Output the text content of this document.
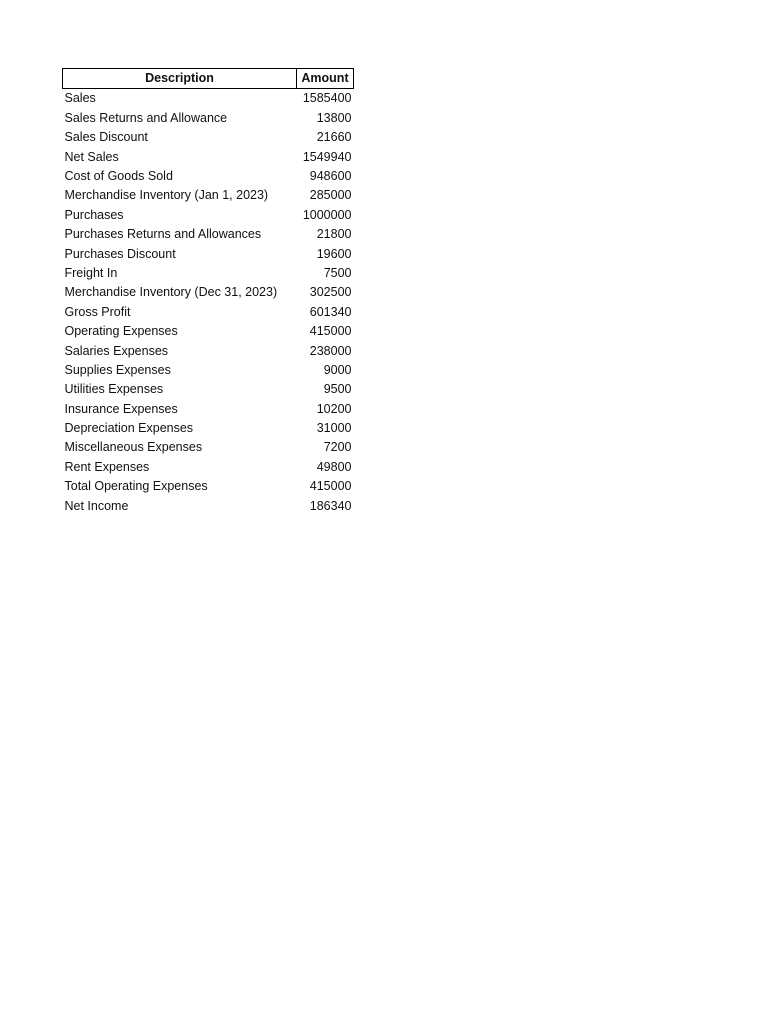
Description	Amount
Sales	1585400
Sales Returns and Allowance	13800
Sales Discount	21660
Net Sales	1549940
Cost of Goods Sold	948600
Merchandise Inventory (Jan 1, 2023)	285000
Purchases	1000000
Purchases Returns and Allowances	21800
Purchases Discount	19600
Freight In	7500
Merchandise Inventory (Dec 31, 2023)	302500
Gross Profit	601340
Operating Expenses	415000
Salaries Expenses	238000
Supplies Expenses	9000
Utilities Expenses	9500
Insurance Expenses	10200
Depreciation Expenses	31000
Miscellaneous Expenses	7200
Rent Expenses	49800
Total Operating Expenses	415000
Net Income	186340
